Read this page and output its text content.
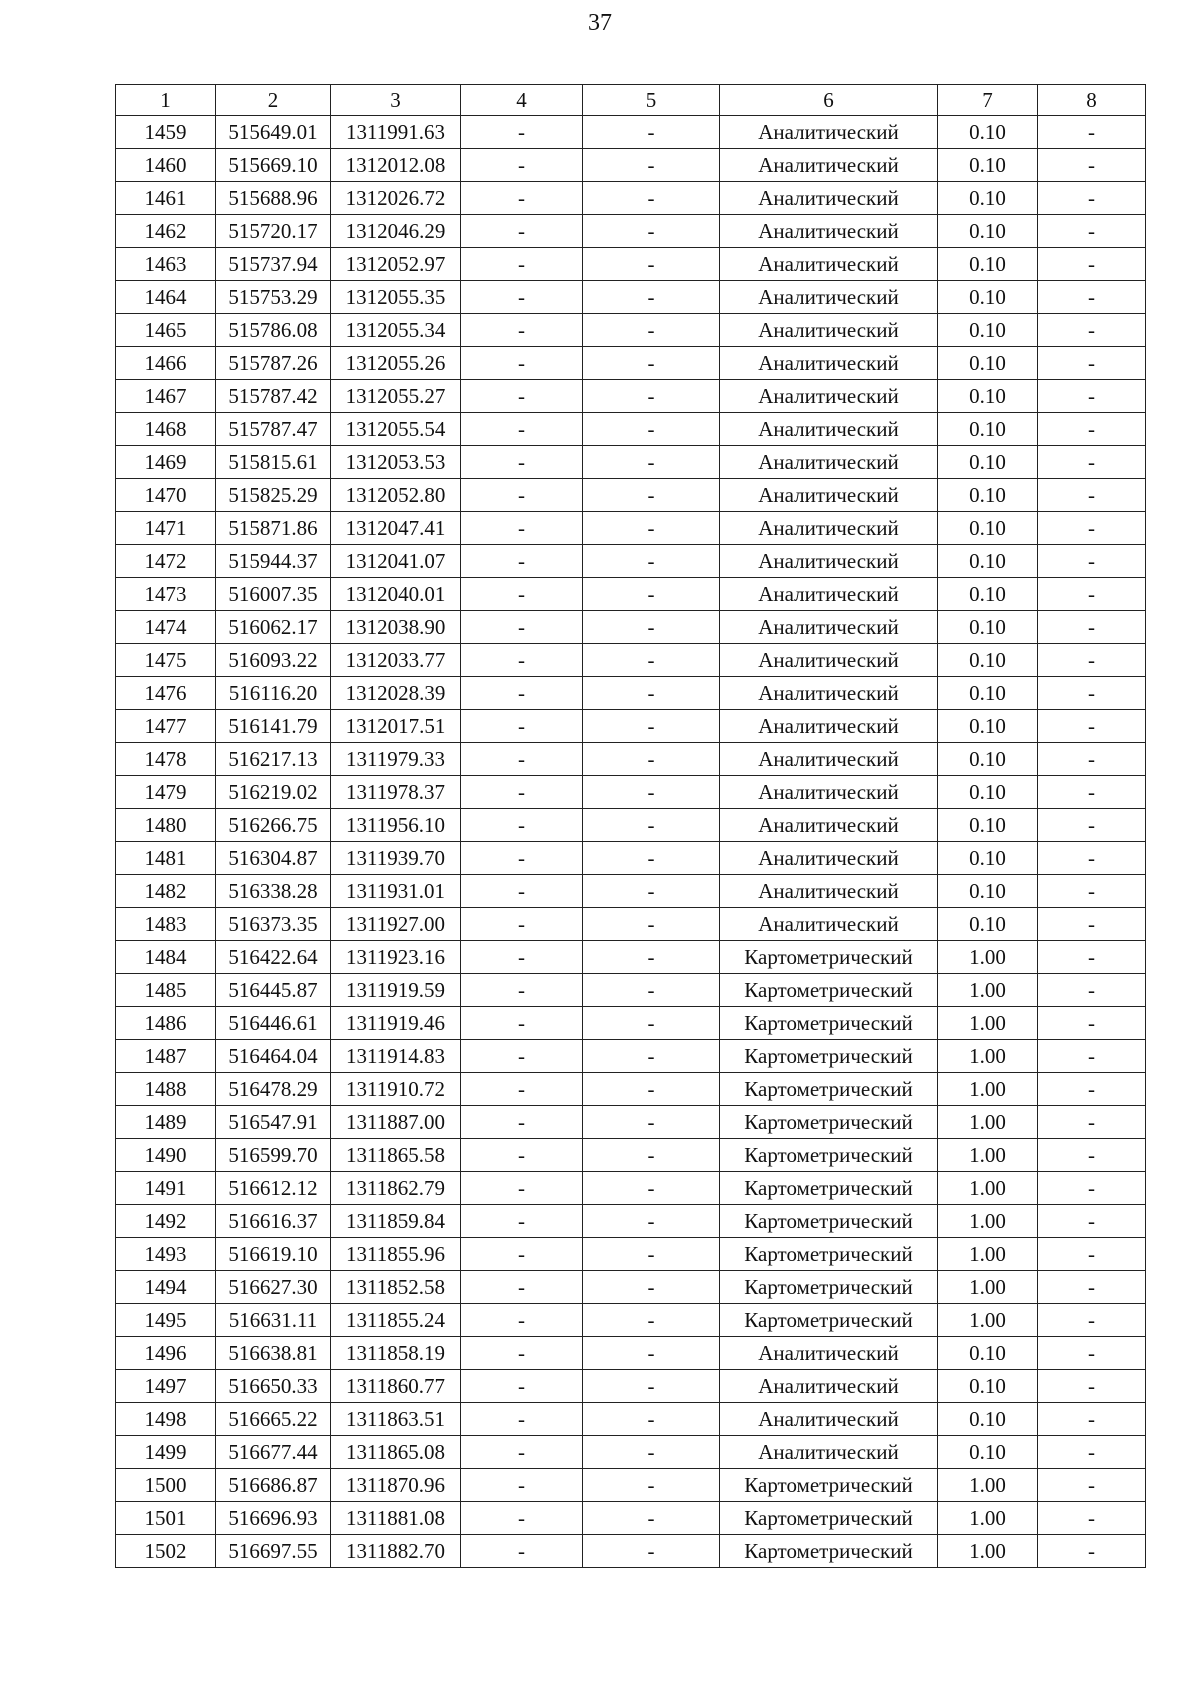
37
1	2	3	4	5	6	7	8
1459	515649.01	1311991.63	-	-	Аналитический	0.10	-
1460	515669.10	1312012.08	-	-	Аналитический	0.10	-
1461	515688.96	1312026.72	-	-	Аналитический	0.10	-
1462	515720.17	1312046.29	-	-	Аналитический	0.10	-
1463	515737.94	1312052.97	-	-	Аналитический	0.10	-
1464	515753.29	1312055.35	-	-	Аналитический	0.10	-
1465	515786.08	1312055.34	-	-	Аналитический	0.10	-
1466	515787.26	1312055.26	-	-	Аналитический	0.10	-
1467	515787.42	1312055.27	-	-	Аналитический	0.10	-
1468	515787.47	1312055.54	-	-	Аналитический	0.10	-
1469	515815.61	1312053.53	-	-	Аналитический	0.10	-
1470	515825.29	1312052.80	-	-	Аналитический	0.10	-
1471	515871.86	1312047.41	-	-	Аналитический	0.10	-
1472	515944.37	1312041.07	-	-	Аналитический	0.10	-
1473	516007.35	1312040.01	-	-	Аналитический	0.10	-
1474	516062.17	1312038.90	-	-	Аналитический	0.10	-
1475	516093.22	1312033.77	-	-	Аналитический	0.10	-
1476	516116.20	1312028.39	-	-	Аналитический	0.10	-
1477	516141.79	1312017.51	-	-	Аналитический	0.10	-
1478	516217.13	1311979.33	-	-	Аналитический	0.10	-
1479	516219.02	1311978.37	-	-	Аналитический	0.10	-
1480	516266.75	1311956.10	-	-	Аналитический	0.10	-
1481	516304.87	1311939.70	-	-	Аналитический	0.10	-
1482	516338.28	1311931.01	-	-	Аналитический	0.10	-
1483	516373.35	1311927.00	-	-	Аналитический	0.10	-
1484	516422.64	1311923.16	-	-	Картометрический	1.00	-
1485	516445.87	1311919.59	-	-	Картометрический	1.00	-
1486	516446.61	1311919.46	-	-	Картометрический	1.00	-
1487	516464.04	1311914.83	-	-	Картометрический	1.00	-
1488	516478.29	1311910.72	-	-	Картометрический	1.00	-
1489	516547.91	1311887.00	-	-	Картометрический	1.00	-
1490	516599.70	1311865.58	-	-	Картометрический	1.00	-
1491	516612.12	1311862.79	-	-	Картометрический	1.00	-
1492	516616.37	1311859.84	-	-	Картометрический	1.00	-
1493	516619.10	1311855.96	-	-	Картометрический	1.00	-
1494	516627.30	1311852.58	-	-	Картометрический	1.00	-
1495	516631.11	1311855.24	-	-	Картометрический	1.00	-
1496	516638.81	1311858.19	-	-	Аналитический	0.10	-
1497	516650.33	1311860.77	-	-	Аналитический	0.10	-
1498	516665.22	1311863.51	-	-	Аналитический	0.10	-
1499	516677.44	1311865.08	-	-	Аналитический	0.10	-
1500	516686.87	1311870.96	-	-	Картометрический	1.00	-
1501	516696.93	1311881.08	-	-	Картометрический	1.00	-
1502	516697.55	1311882.70	-	-	Картометрический	1.00	-
